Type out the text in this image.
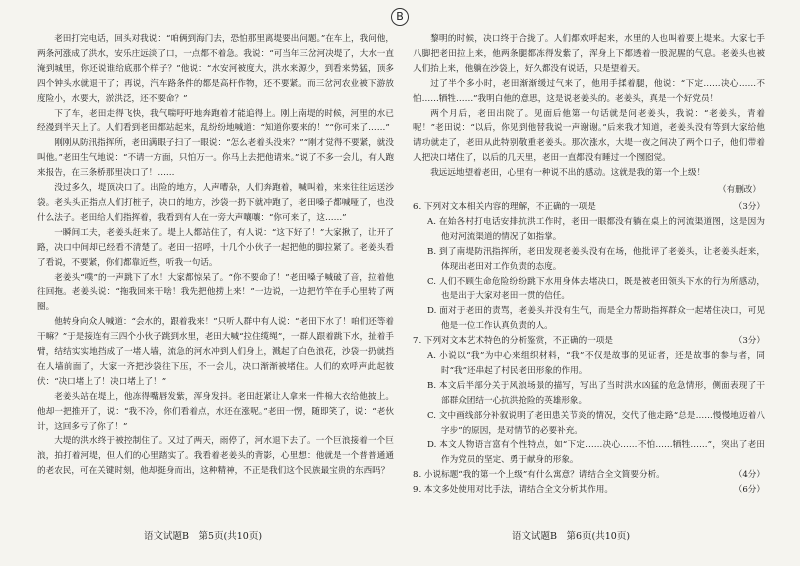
B

老田打完电话，回头对我说：“咱俩到海门去，恐怕那里离堤要出问题。”在车上，我问他，两条河涨成了洪水，安乐庄远淡了口，一点都不着急。我说：“可当年三岔河决堤了，大水一直淹到城里，你还说谁给底那个样子？”他说：“水安河被度大，洪水来源少，到看来势猛，顶多四个钟头水就退干了；再说，汽车路条件的都是高杆作物，还不要紧。而三岔河农业被下游放度险小，水要大，淤洪泛，还不要命？”

下了车，老田走得飞快，我气喘吁吁地奔跑着才能追得上。刚上南堤的时候，河里的水已经漫到半天上了。人们看到老田都站起来，乱纷纷地喊道：“知道你要来的！”“你可来了……”

刚刚从防汛指挥所，老田满眼子扫了一眼说：“怎么老着头没来？”“刚才觉得不要紧，就没叫他。”老田生气地说：“不请一方面，只怕万一。你马上去把他请来。”说了不多一会儿，有人跑来报告，在三条桥那里决口了！……

没过多久，堤顶决口了。出险的地方，人声嘈杂，人们奔跑着，喊叫着，来来往往运送沙袋。老头头正指点人们打桩子，决口的地方，沙袋一扔下就冲跑了，老田嗓子都喊哑了，也没什么法子。老田给人们指挥着，我看到有人在一旁大声嚷嚷：“你可来了，这……”

一瞬间工夫，老姜头赶来了。堤上人都站住了，有人说：“这下好了！”大家揪了，让开了路，决口中间却已经看不清楚了。老田一招呼，十几个小伙子一起把他的脚拉紧了。老姜头看了看说，不要紧，你们都靠近些，听我一句话。

老姜头“噗”的一声跳下了水！大家都惊呆了。“你不要命了！”老田嗓子喊破了音，拉着他往回拖。老姜头说：“拖我回来干啥！我先把他捞上来！”一边说，一边把竹竿在手心里转了两圈。

他转身向众人喊道：“会水的，跟着我来！”只听人群中有人说：“老田下水了！咱们还等着干嘛？”于是接连有三四个小伙子跳到水里，老田大喊“拉住缆绳”，一群人跟着跳下水，扯着手臂，结结实实地挡成了一堵人墙，流急的河水冲到人们身上，溅起了白色浪花，沙袋一扔就挡在人墙前面了，大家一齐把沙袋往下压，不一会儿，决口渐渐被堵住。人们的欢呼声此起彼伏：“决口堵上了！决口堵上了！”

老姜头站在堤上，他冻得嘴唇发紫，浑身发抖。老田赶紧让人拿来一件棉大衣给他披上。他却一把推开了，说：“我不冷，你们看着点，水还在涨呢。”老田一愣，随即笑了，说：“老伙计，这回多亏了你了！”

大堤的洪水终于被控制住了。又过了两天，雨停了，河水退下去了。一个巨浪接着一个巨浪，拍打着河堤，但人们的心里踏实了。我看着老姜头的背影，心里想：他就是一个普普通通的老农民，可在关键时刻，他却挺身而出，这种精神，不正是我们这个民族最宝贵的东西吗？

黎明的时候，决口终于合拢了。人们都欢呼起来，水里的人也叫着要上堤来。大家七手八脚把老田拉上来，他两条腿都冻得发紫了，浑身上下都透着一股泥腥的气息。老姜头也被人们抬上来，他躺在沙袋上，好久都没有说话，只是望着天。

过了半个多小时，老田渐渐缓过气来了，他用手揉着腿，他说：“下定……决心……不怕……牺牲……”我明白他的意思，这是说老姜头的。老姜头，真是一个好党员！

两个月后，老田出院了。见面后他第一句话就是问老姜头，我说：“老姜头，青着呢！”老田说：“以后，你见到他替我说一声谢谢。”后来我才知道，老姜头没有等到大家给他请功就走了，老田从此特别敬重老姜头。那次涨水，大堤一夜之间决了两个口子，他们带着人把决口堵住了，以后的几天里，老田一直都没有睡过一个囫囵觉。

我远远地望着老田，心里有一种说不出的感动。这就是我的第一个上级！

（有删改）
6. 下列对文本相关内容的理解，不正确的一项是	（3分）
A. 在始各村打电话安排抗洪工作时，老田一眼都没有躺在桌上的河流渠道图，这是因为他对河流渠道的情况了如指掌。
B. 到了南堤防汛指挥所，老田发现老姜头没有在场，他批评了老姜头，让老姜头赶来，体现出老田对工作负责的态度。
C. 人们不顾生命危险纷纷跳下水用身体去堵决口，既是被老田领头下水的行为所感动，也是出于大家对老田一贯的信任。
D. 面对于老田的责骂，老姜头并没有生气，而是全力帮助指挥群众一起堵住决口，可见他是一位工作认真负责的人。
7. 下列对文本艺术特色的分析鉴赏，不正确的一项是	（3分）
A. 小说以“我”为中心来组织材料，“我”不仅是故事的见证者，还是故事的参与者，同时“我”还串起了村民老田形象的作用。
B. 本文后半部分关于风浪场景的描写，写出了当时洪水凶猛的危急情形，侧面表现了干部群众团结一心抗洪抢险的英雄形象。
C. 文中画线部分补叙说明了老田患关节炎的情况，交代了他走路“总是……慢慢地迈着八字步”的原因，是对情节的必要补充。
D. 本文人物语言富有个性特点，如“下定……决心……不怕……牺牲……”，突出了老田作为党员的坚定、勇于献身的形象。
8. 小说标题“我的第一个上级”有什么寓意？请结合全文简要分析。	（4分）
9. 本文多处使用对比手法，请结合全文分析其作用。	（6分）
语文试题B　第5页(共10页)	语文试题B　第6页(共10页)
